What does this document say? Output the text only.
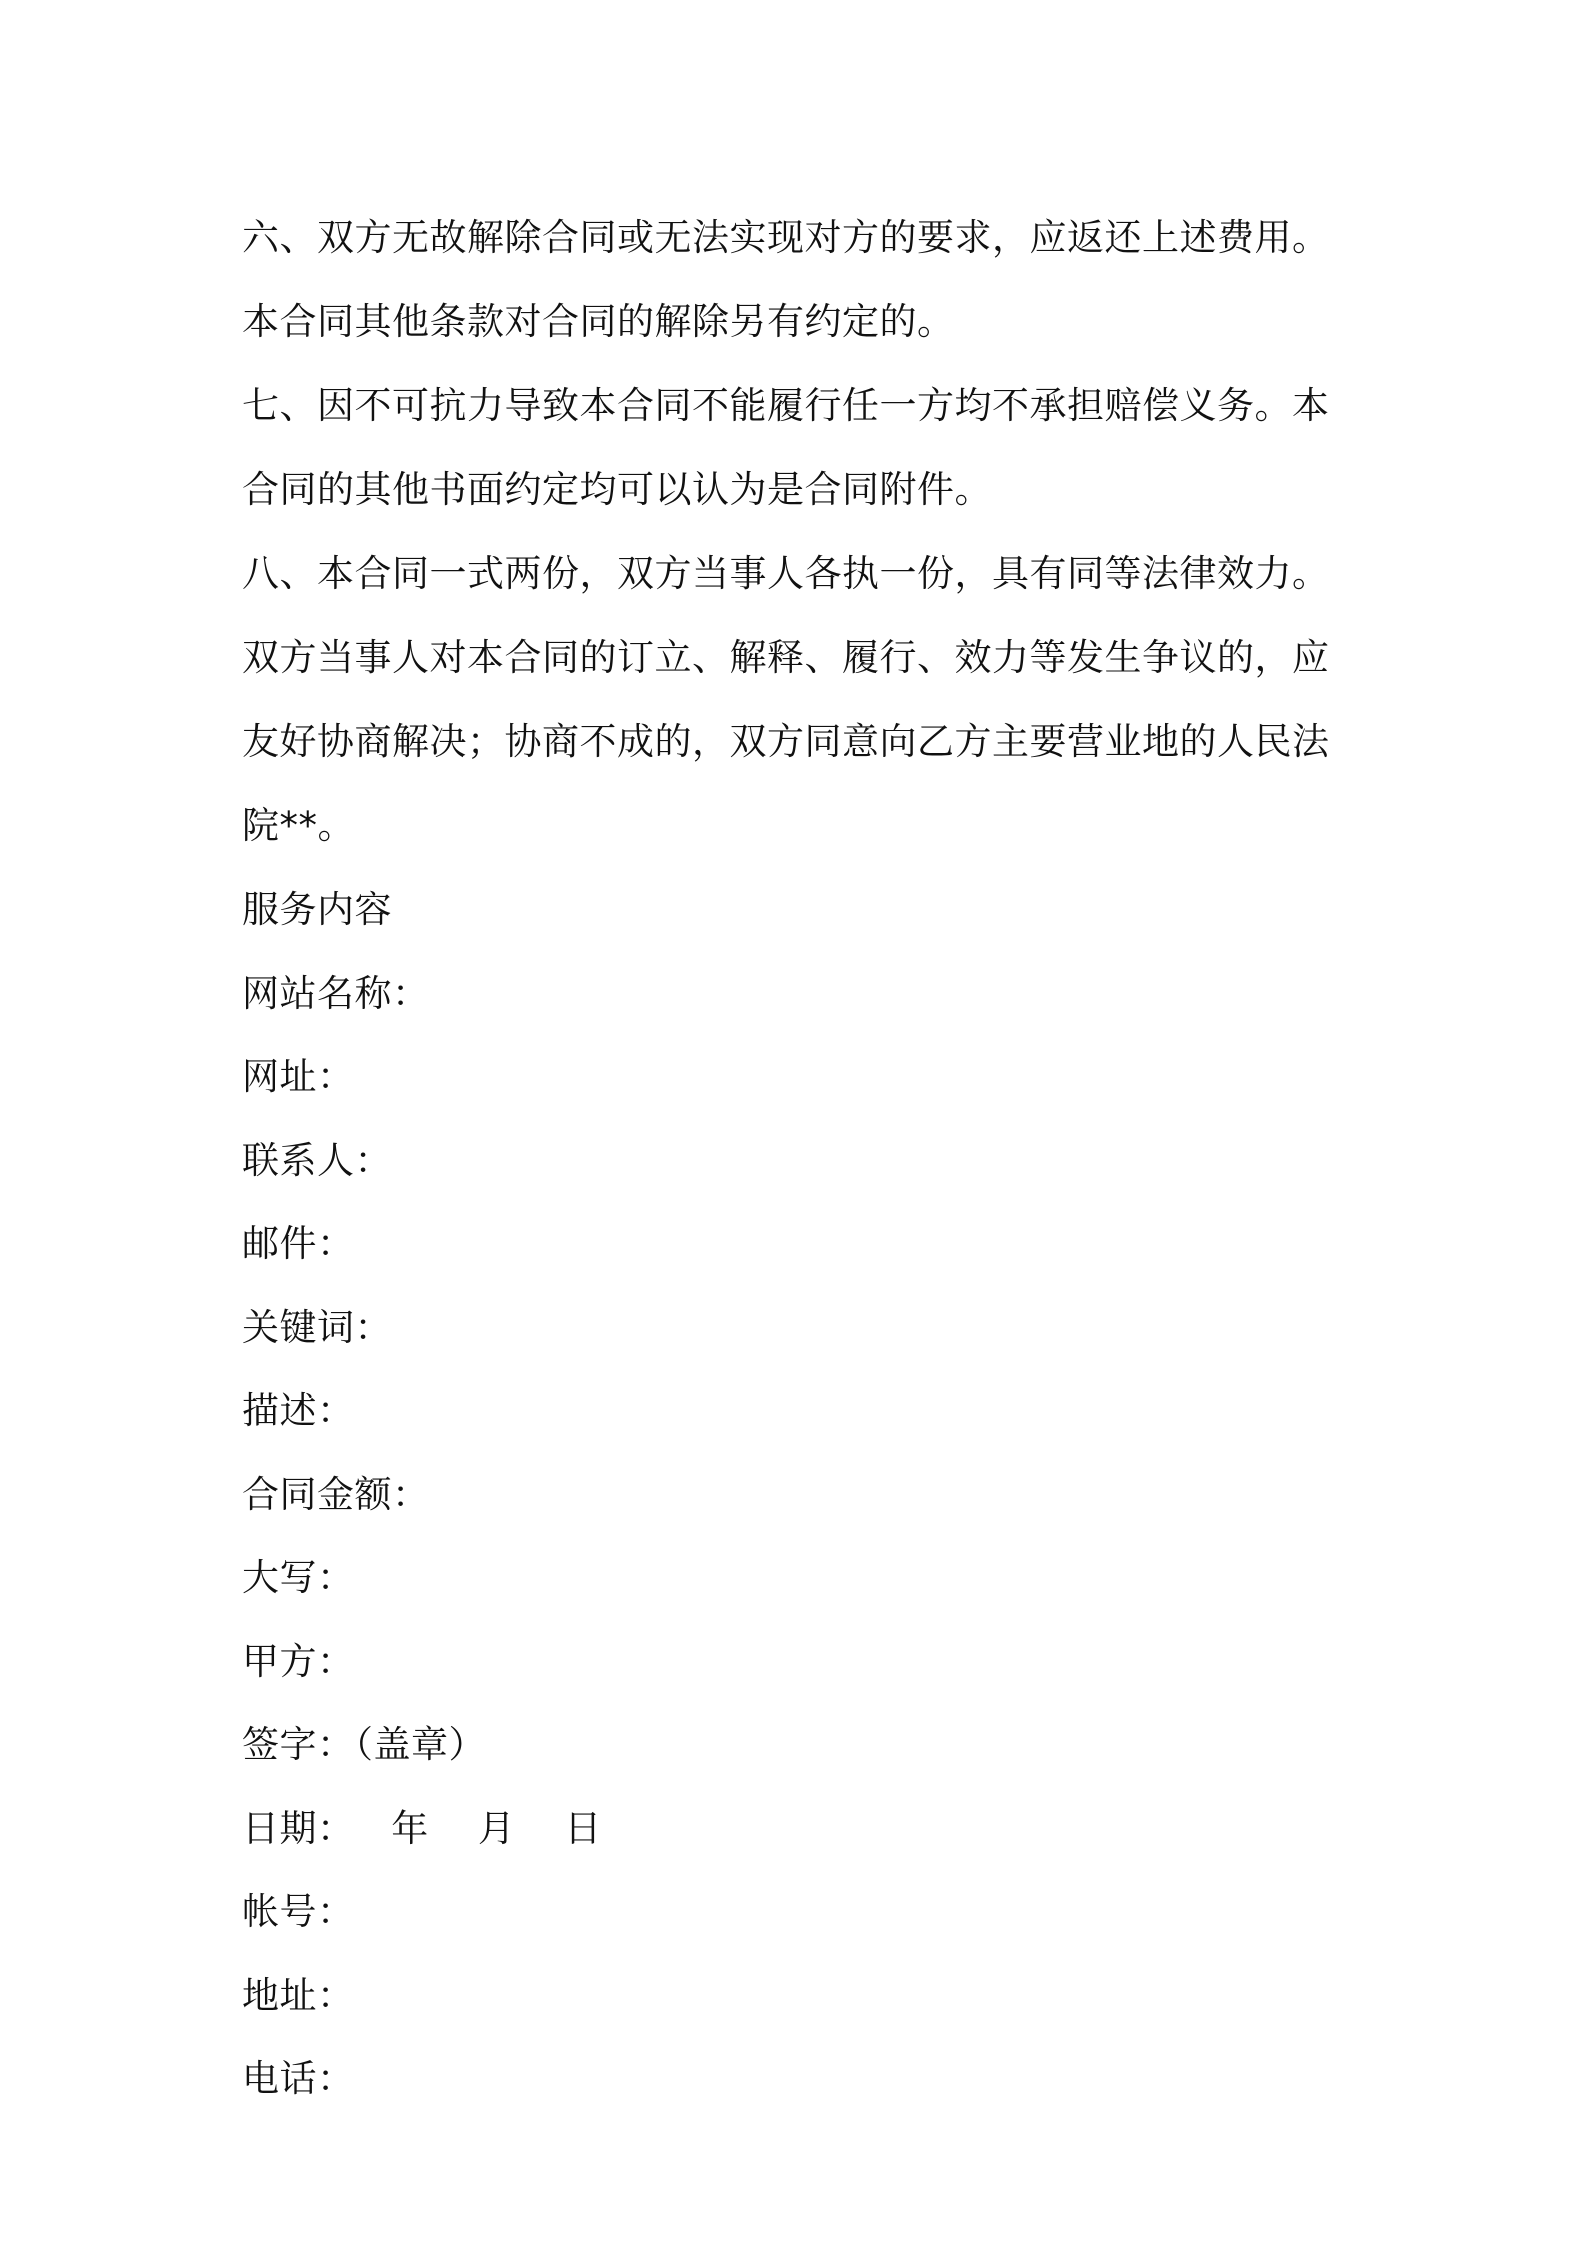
六、双方无故解除合同或无法实现对方的要求，应返还上述费用。本合同其他条款对合同的解除另有约定的。

七、因不可抗力导致本合同不能履行任一方均不承担赔偿义务。本合同的其他书面约定均可以认为是合同附件。

八、本合同一式两份，双方当事人各执一份，具有同等法律效力。双方当事人对本合同的订立、解释、履行、效力等发生争议的，应友好协商解决；协商不成的，双方同意向乙方主要营业地的人民法院**。

服务内容

网站名称：

网址：

联系人：

邮件：

关键词：

描述：

合同金额：

大写：

甲方：

签字：（盖章）

日期：   年    月    日

帐号：

地址：

电话：
